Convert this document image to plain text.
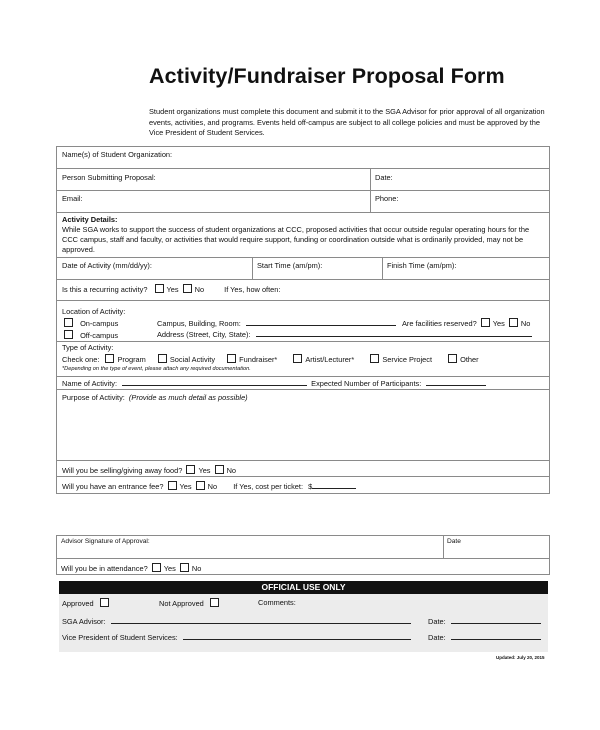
Activity/Fundraiser Proposal Form
Student organizations must complete this document and submit it to the SGA Advisor for prior approval of all organization events, activities, and programs. Events held off-campus are subject to all college policies and must be approved by the Vice President of Student Services.
Name(s) of Student Organization:
Person Submitting Proposal:	Date:
Email:	Phone:
Activity Details:
While SGA works to support the success of student organizations at CCC, proposed activities that occur outside regular operating hours for the CCC campus, staff and faculty, or activities that would require support, funding or coordination outside what is ordinarily provided, may not be approved.
Date of Activity (mm/dd/yy):	Start Time (am/pm):	Finish Time (am/pm):
Is this a recurring activity?	Yes No	If Yes, how often:
Location of Activity:
On-campus
Off-campus
Campus, Building, Room:	Are facilities reserved? Yes No
Address (Street, City, State):
Type of Activity:
Check one: Program	Social Activity	Fundraiser*	Artist/Lecturer*	Service Project	Other
*Depending on the type of event, please attach any required documentation.
Name of Activity:	Expected Number of Participants:
Purpose of Activity: (Provide as much detail as possible)
Will you be selling/giving away food? Yes No
Will you have an entrance fee? Yes No If Yes, cost per ticket: $
Advisor Signature of Approval:	Date
Will you be in attendance? Yes No
OFFICIAL USE ONLY
Approved	Not Approved	Comments:
SGA Advisor:	Date:
Vice President of Student Services:	Date:
Updated: July 20, 2015
